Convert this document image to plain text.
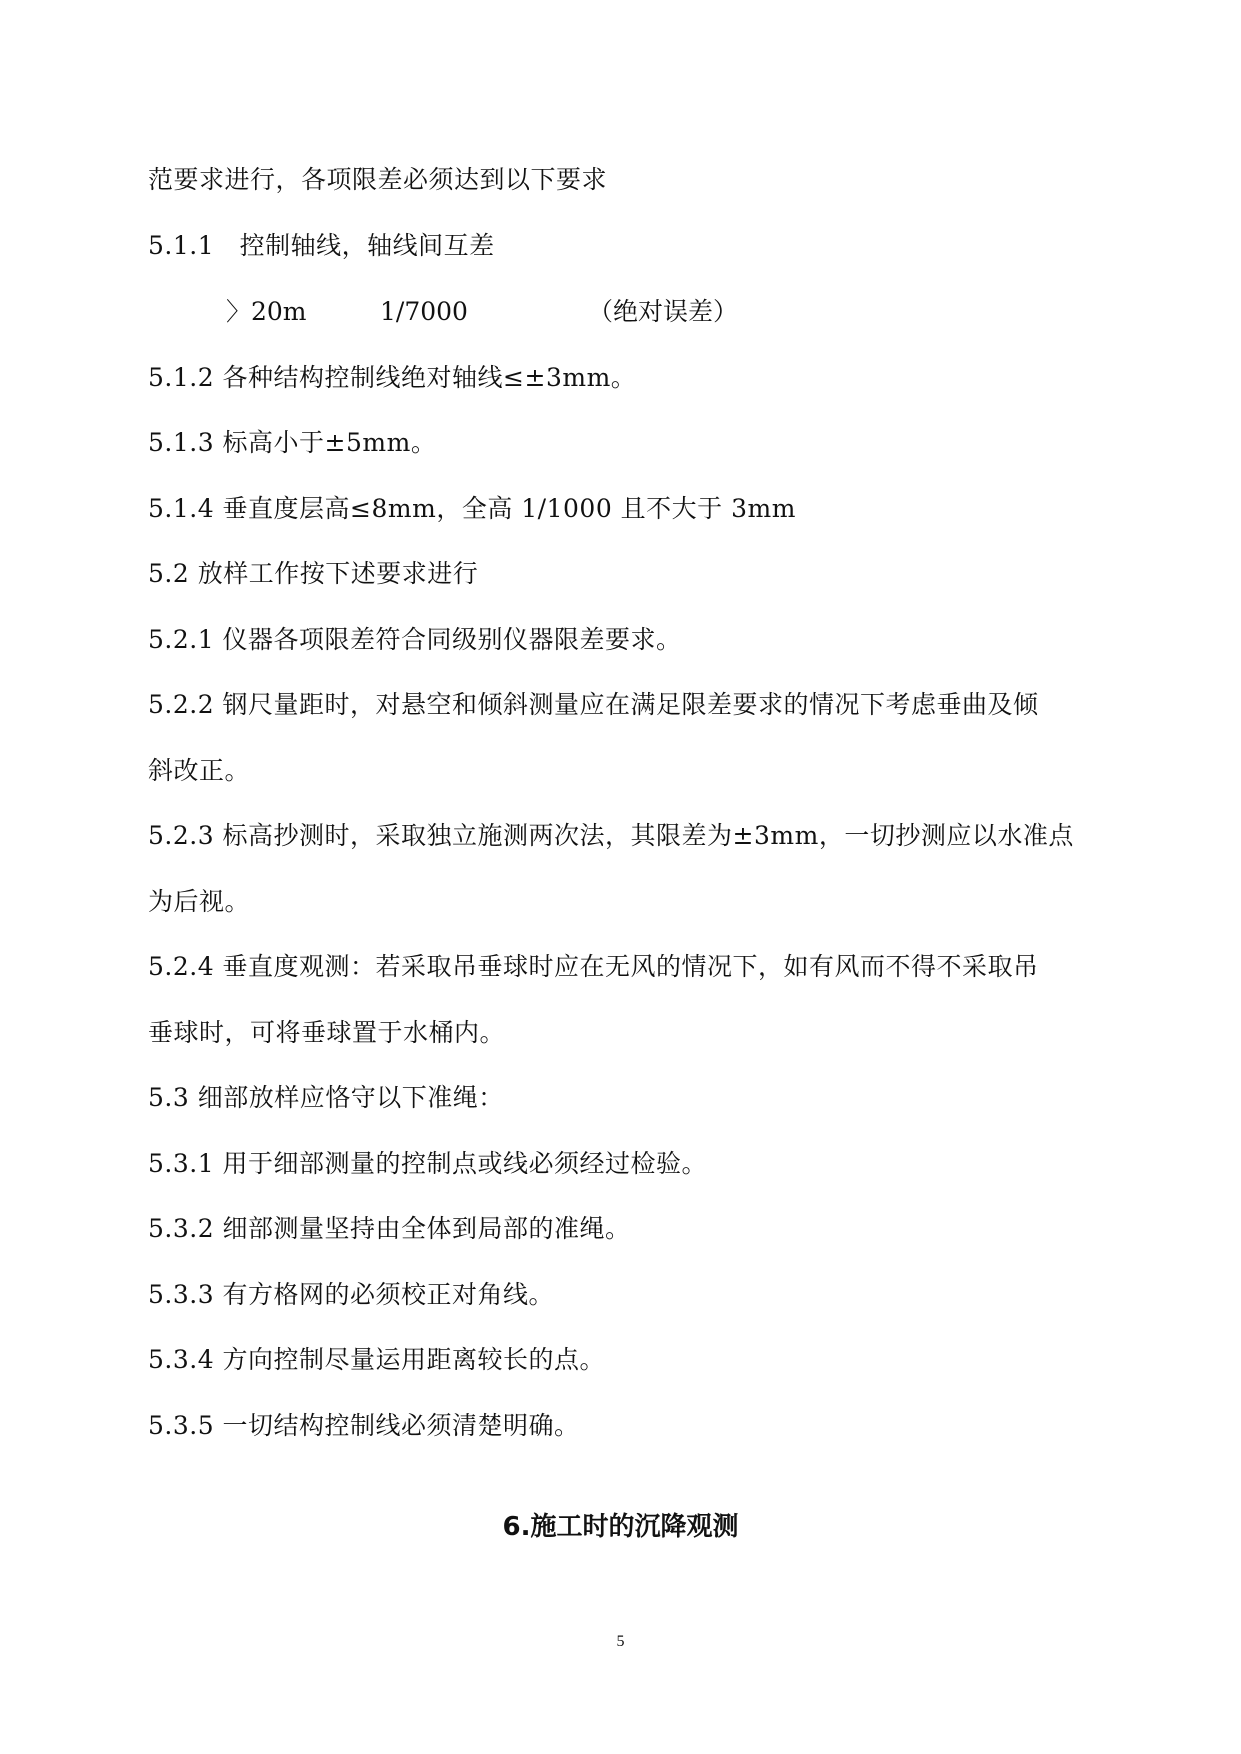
范要求进行，各项限差必须达到以下要求
5.1.1　控制轴线，轴线间互差
〉20m	1/7000	（绝对误差）
5.1.2 各种结构控制线绝对轴线≤±3mm。
5.1.3 标高小于±5mm。
5.1.4 垂直度层高≤8mm，全高 1/1000 且不大于 3mm
5.2 放样工作按下述要求进行
5.2.1 仪器各项限差符合同级别仪器限差要求。
5.2.2 钢尺量距时，对悬空和倾斜测量应在满足限差要求的情况下考虑垂曲及倾
斜改正。
5.2.3 标高抄测时，采取独立施测两次法，其限差为±3mm，一切抄测应以水准点
为后视。
5.2.4 垂直度观测：若采取吊垂球时应在无风的情况下，如有风而不得不采取吊
垂球时，可将垂球置于水桶内。
5.3 细部放样应恪守以下准绳：
5.3.1 用于细部测量的控制点或线必须经过检验。
5.3.2 细部测量坚持由全体到局部的准绳。
5.3.3 有方格网的必须校正对角线。
5.3.4 方向控制尽量运用距离较长的点。
5.3.5 一切结构控制线必须清楚明确。
6.施工时的沉降观测
5
